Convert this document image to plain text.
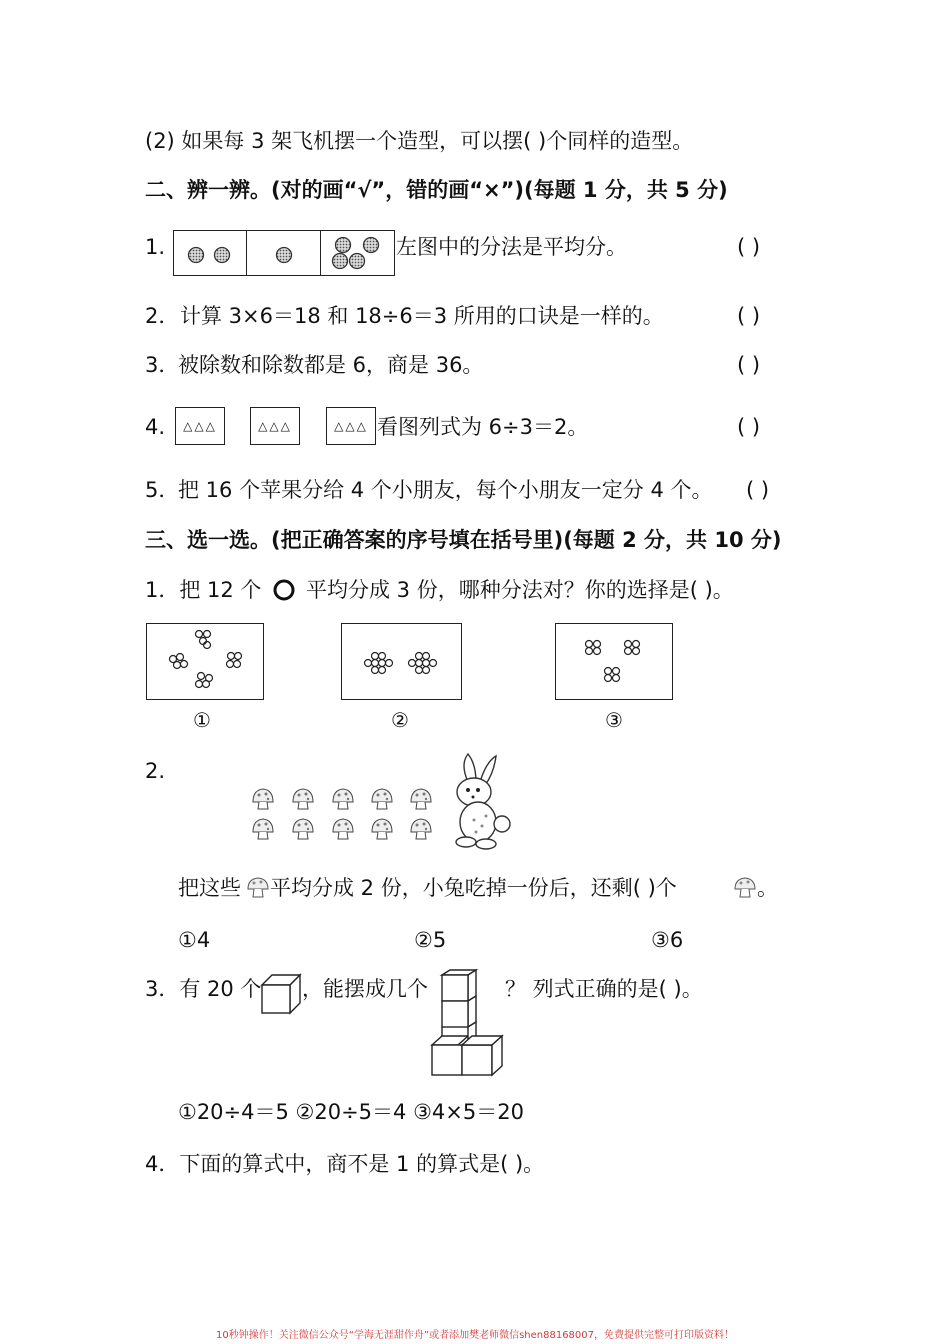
(2) 如果每 3 架飞机摆一个造型，可以摆( )个同样的造型。
二、辨一辨。(对的画“√”，错的画“×”)(每题 1 分，共 5 分)
1.	左图中的分法是平均分。	( )
2． 计算 3×6＝18 和 18÷6＝3 所用的口诀是一样的。	( )
3．
被除数和除数都是 6，商是 36。	( )
4.	△△△	△△△	△△△ 看图列式为 6÷3＝2。	( )
5．
把 16 个苹果分给 4 个小朋友，每个小朋友一定分 4 个。 ( )
三、选一选。(把正确答案的序号填在括号里)(每题 2 分，共 10 分)
1．把 12 个 平均分成 3 份，哪种分法对？你的选择是( )。
①	②	③
2.
把这些 平均分成 2 份，小兔吃掉一份后，还剩( )个	。
①4	②5	③6
3．有 20 个 ，能摆成几个	？ 列式正确的是( )。
①20÷4＝5 ②20÷5＝4 ③4×5＝20
4．下面的算式中，商不是 1 的算式是( )。
10秒钟操作！关注微信公众号“学海无涯甜作舟”或者添加樊老师微信shen88168007，免费提供完整可打印版资料！
